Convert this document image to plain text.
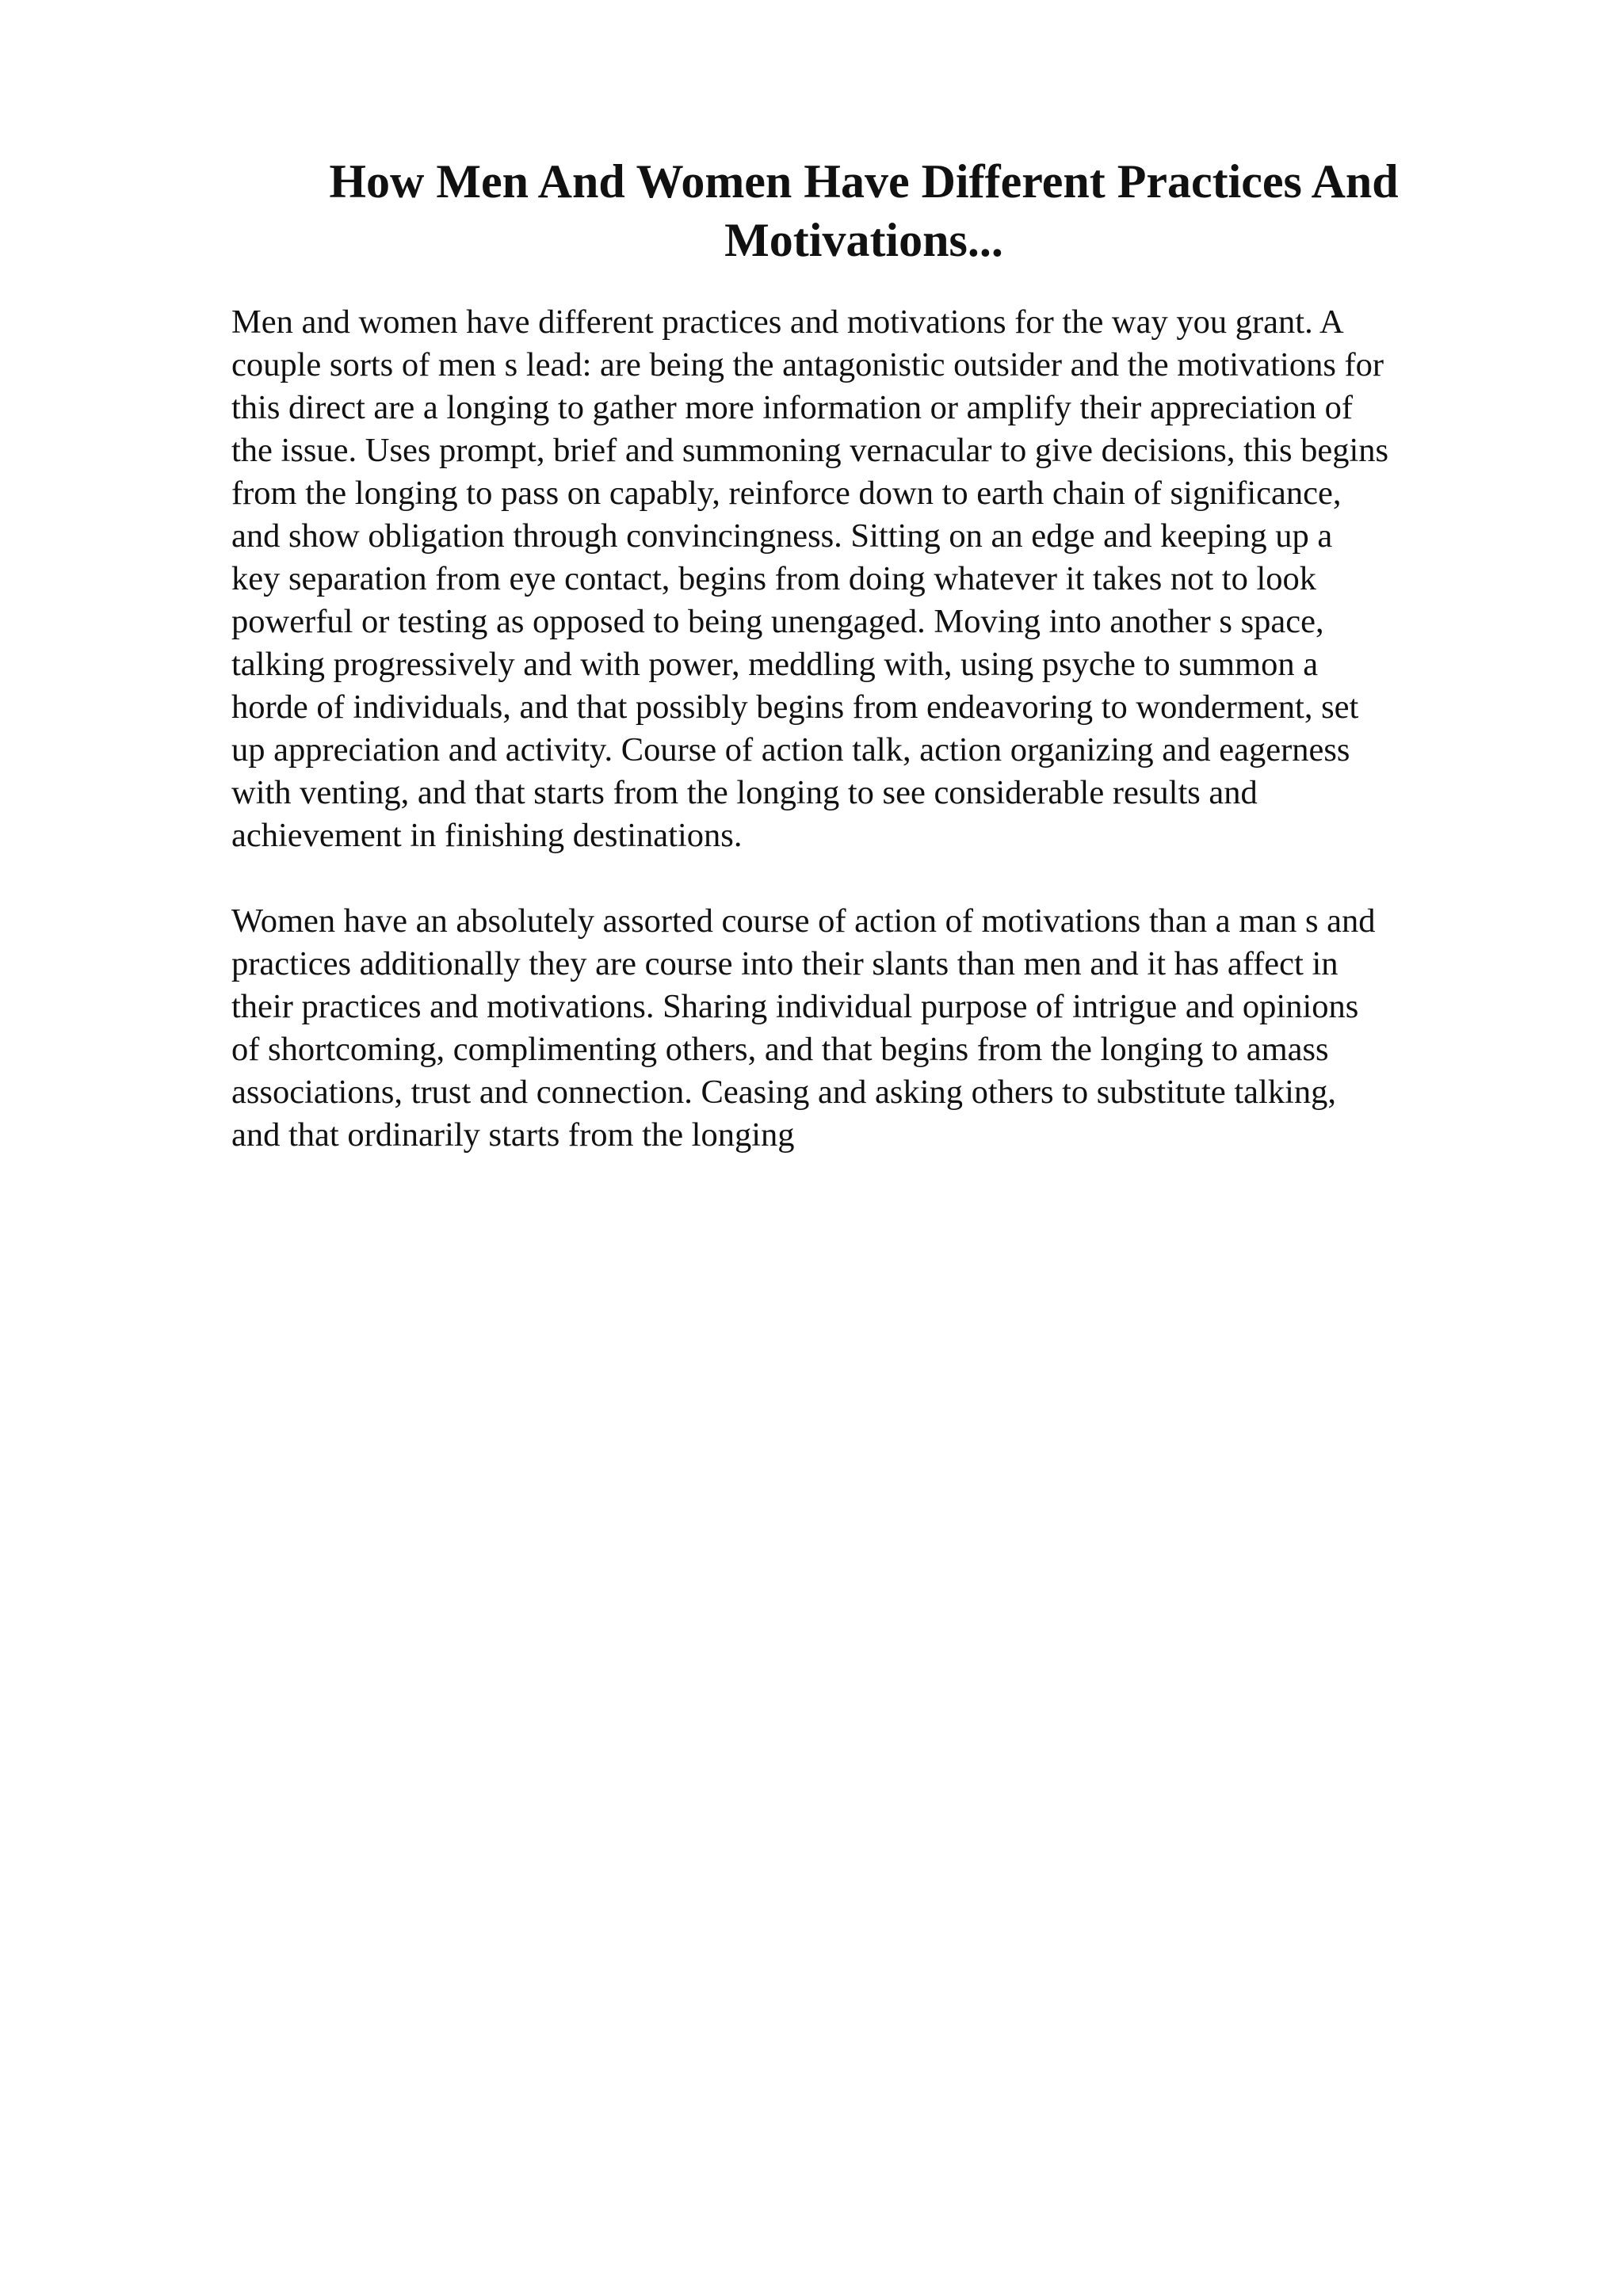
How Men And Women Have Different Practices And
Motivations...

Men and women have different practices and motivations for the way you grant. A
couple sorts of men s lead: are being the antagonistic outsider and the motivations for
this direct are a longing to gather more information or amplify their appreciation of
the issue. Uses prompt, brief and summoning vernacular to give decisions, this begins
from the longing to pass on capably, reinforce down to earth chain of significance,
and show obligation through convincingness. Sitting on an edge and keeping up a
key separation from eye contact, begins from doing whatever it takes not to look
powerful or testing as opposed to being unengaged. Moving into another s space,
talking progressively and with power, meddling with, using psyche to summon a
horde of individuals, and that possibly begins from endeavoring to wonderment, set
up appreciation and activity. Course of action talk, action organizing and eagerness
with venting, and that starts from the longing to see considerable results and
achievement in finishing destinations.

Women have an absolutely assorted course of action of motivations than a man s and
practices additionally they are course into their slants than men and it has affect in
their practices and motivations. Sharing individual purpose of intrigue and opinions
of shortcoming, complimenting others, and that begins from the longing to amass
associations, trust and connection. Ceasing and asking others to substitute talking,
and that ordinarily starts from the longing
